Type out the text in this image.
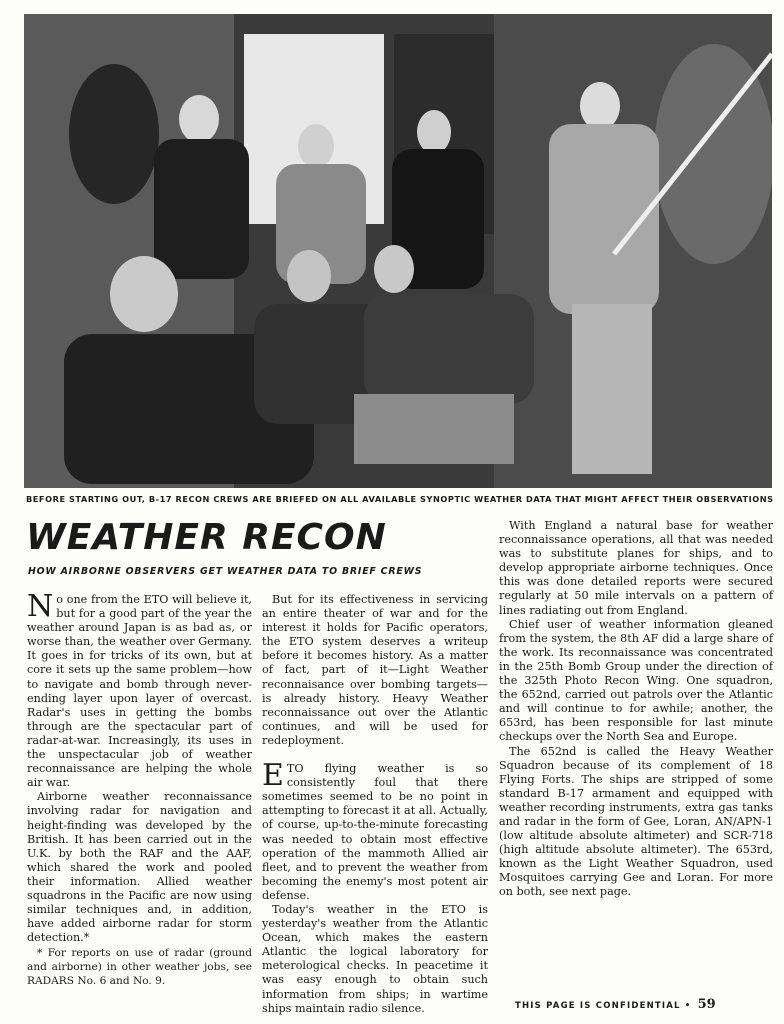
BEFORE STARTING OUT, B-17 RECON CREWS ARE BRIEFED ON ALL AVAILABLE SYNOPTIC WEATHER DATA THAT MIGHT AFFECT THEIR OBSERVATIONS
WEATHER RECON
HOW AIRBORNE OBSERVERS GET WEATHER DATA TO BRIEF CREWS

No one from the ETO will believe it, but for a good part of the year the weather around Japan is as bad as, or worse than, the weather over Germany. It goes in for tricks of its own, but at core it sets up the same problem—how to navigate and bomb through never-ending layer upon layer of overcast. Radar's uses in getting the bombs through are the spectacular part of radar-at-war. Increasingly, its uses in the unspectacular job of weather reconnaissance are helping the whole air war.

Airborne weather reconnaissance involving radar for navigation and height-finding was developed by the British. It has been carried out in the U.K. by both the RAF and the AAF, which shared the work and pooled their information. Allied weather squadrons in the Pacific are now using similar techniques and, in addition, have added airborne radar for storm detection.*

* For reports on use of radar (ground and airborne) in other weather jobs, see RADARS No. 6 and No. 9.

But for its effectiveness in servicing an entire theater of war and for the interest it holds for Pacific operators, the ETO system deserves a writeup before it becomes history. As a matter of fact, part of it—Light Weather reconnaisance over bombing targets—is already history. Heavy Weather reconnaissance out over the Atlantic continues, and will be used for redeployment.

ETO flying weather is so consistently foul that there sometimes seemed to be no point in attempting to forecast it at all. Actually, of course, up-to-the-minute forecasting was needed to obtain most effective operation of the mammoth Allied air fleet, and to prevent the weather from becoming the enemy's most potent air defense.

Today's weather in the ETO is yesterday's weather from the Atlantic Ocean, which makes the eastern Atlantic the logical laboratory for meterological checks. In peacetime it was easy enough to obtain such information from ships; in wartime ships maintain radio silence.

With England a natural base for weather reconnaissance operations, all that was needed was to substitute planes for ships, and to develop appropriate airborne techniques. Once this was done detailed reports were secured regularly at 50 mile intervals on a pattern of lines radiating out from England.

Chief user of weather information gleaned from the system, the 8th AF did a large share of the work. Its reconnaissance was concentrated in the 25th Bomb Group under the direction of the 325th Photo Recon Wing. One squadron, the 652nd, carried out patrols over the Atlantic and will continue to for awhile; another, the 653rd, has been responsible for last minute checkups over the North Sea and Europe.

The 652nd is called the Heavy Weather Squadron because of its complement of 18 Flying Forts. The ships are stripped of some standard B-17 armament and equipped with weather recording instruments, extra gas tanks and radar in the form of Gee, Loran, AN/APN-1 (low altitude absolute altimeter) and SCR-718 (high altitude absolute altimeter). The 653rd, known as the Light Weather Squadron, used Mosquitoes carrying Gee and Loran. For more on both, see next page.

THIS PAGE IS CONFIDENTIAL • 59
